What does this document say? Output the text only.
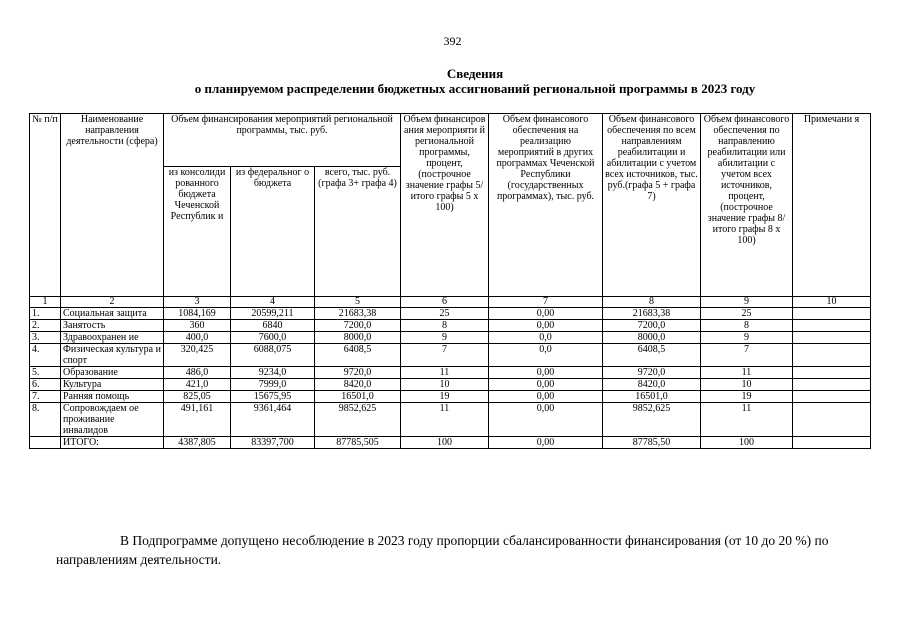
392
Сведения
о планируемом распределении бюджетных ассигнований региональной программы в 2023 году
№ п/п	Наименование направления деятельности (сфера)	Объем финансирования мероприятий региональной программы, тыс. руб.			Объем финансиров ания мероприяти й региональной программы, процент, (построчное значение графы 5/ итого графы 5 х 100)	Объем финансового обеспечения на реализацию мероприятий в других программах Чеченской Республики (государственных программах), тыс. руб.	Объем финансового обеспечения по всем направлениям реабилитации и абилитации с учетом всех источников, тыс. руб.(графа 5 + графа 7)	Объем финансового обеспечения по направлению реабилитации или абилитации с учетом всех источников, процент, (построчное значение графы 8/ итого графы 8 х 100)	Примечани я
		из консолиди рованного бюджета Чеченской Республик и	из федеральног о бюджета	всего, тыс. руб. (графа 3+ графа 4)					
1	2	3	4	5	6	7	8	9	10
1.	Социальная защита	1084,169	20599,211	21683,38	25	0,00	21683,38	25	
2.	Занятость	360	6840	7200,0	8	0,00	7200,0	8	
3.	Здравоохранен ие	400,0	7600,0	8000,0	9	0,0	8000,0	9	
4.	Физическая культура и спорт	320,425	6088,075	6408,5	7	0,0	6408,5	7	
5.	Образование	486,0	9234,0	9720,0	11	0,00	9720,0	11	
6.	Культура	421,0	7999,0	8420,0	10	0,00	8420,0	10	
7.	Ранняя помощь	825,05	15675,95	16501,0	19	0,00	16501,0	19	
8.	Сопровождаем ое проживание инвалидов	491,161	9361,464	9852,625	11	0,00	9852,625	11	
	ИТОГО:	4387,805	83397,700	87785,505	100	0,00	87785,50	100	
В Подпрограмме допущено несоблюдение в 2023 году пропорции сбалансированности финансирования (от 10 до 20 %) по направлениям деятельности.
